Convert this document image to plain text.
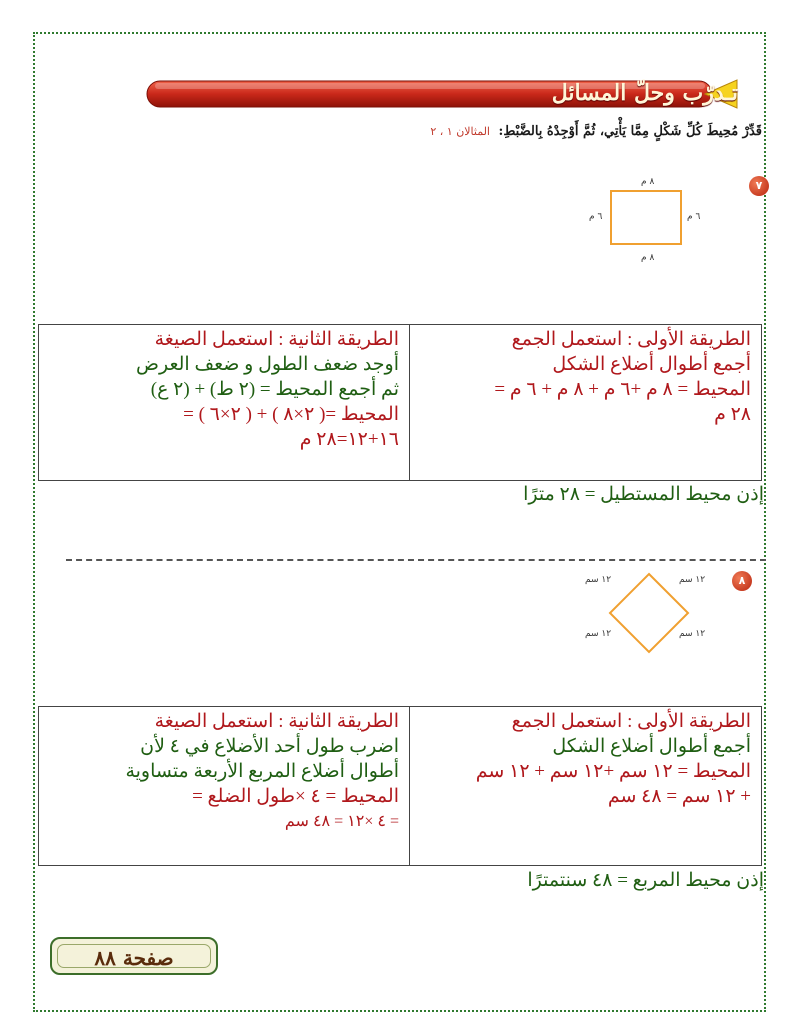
تـدرّب وحلّ المسائل
قَدِّرْ مُحِيطَ كُلِّ شَكْلٍ مِمَّا يَأْتِي، ثُمَّ أَوْجِدْهُ بِالضَّبْطِ: المثالان ١ ، ٢
٧
٨ م
٨ م
٦ م	٦ م
الطريقة الأولى : استعمل الجمع
أجمع أطوال أضلاع الشكل
المحيط = ٨ م +٦ م + ٨ م + ٦ م =
٢٨ م
الطريقة الثانية : استعمل الصيغة
أوجد ضعف الطول و ضعف العرض
ثم أجمع المحيط = (٢ ط) + (٢ ع)
المحيط =( ٢×٨ ) + ( ٢×٦ ) =
١٦+١٢=٢٨ م
إذن محيط المستطيل = ٢٨ مترًا
٨
١٢ سم	١٢ سم
١٢ سم	١٢ سم
الطريقة الأولى : استعمل الجمع
أجمع أطوال أضلاع الشكل
المحيط = ١٢ سم +١٢ سم + ١٢ سم
+ ١٢ سم = ٤٨ سم
الطريقة الثانية : استعمل الصيغة
اضرب طول أحد الأضلاع في ٤ لأن
أطوال أضلاع المربع الأربعة متساوية
المحيط = ٤ ×طول الضلع =
= ٤ ×١٢ = ٤٨ سم
إذن محيط المربع = ٤٨ سنتمترًا
صفحة ٨٨
